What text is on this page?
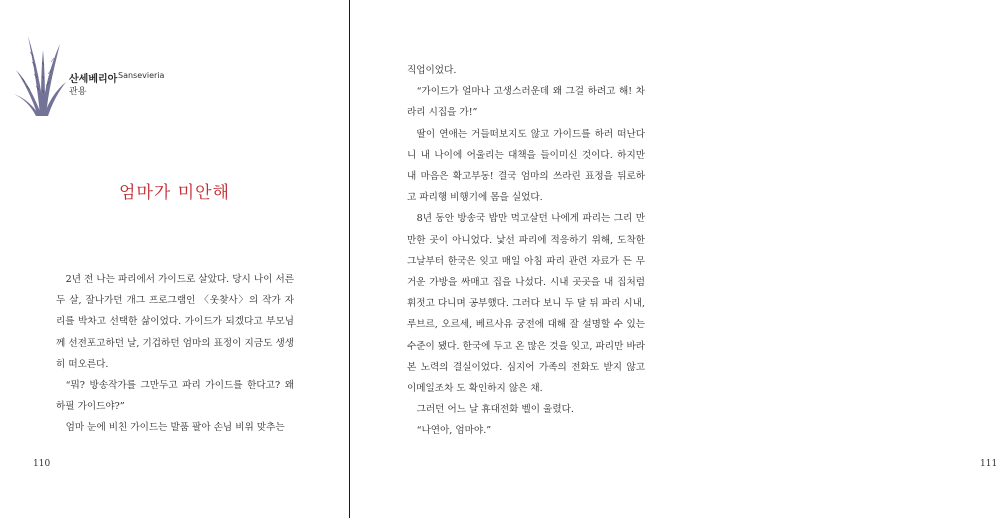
산세베리아 Sansevieria
관용
엄마가 미안해

2년 전 나는 파리에서 가이드로 살았다. 당시 나이 서른 두 살, 잘나가던 개그 프로그램인 〈웃찾사〉의 작가 자리를 박차고 선택한 삶이었다. 가이드가 되겠다고 부모님께 선전포고하던 날, 기겁하던 엄마의 표정이 지금도 생생히 떠오른다.

“뭐? 방송작가를 그만두고 파리 가이드를 한다고? 왜 하필 가이드야?”

엄마 눈에 비친 가이드는 발품 팔아 손님 비위 맞추는

110	111

직업이었다.

“가이드가 얼마나 고생스러운데 왜 그걸 하려고 해! 차라리 시집을 가!”

딸이 연애는 거들떠보지도 않고 가이드를 하러 떠난다니 내 나이에 어울리는 대책을 들이미신 것이다. 하지만 내 마음은 확고부동! 결국 엄마의 쓰라린 표정을 뒤로하고 파리행 비행기에 몸을 실었다.

8년 동안 방송국 밥만 먹고살던 나에게 파리는 그리 만만한 곳이 아니었다. 낯선 파리에 적응하기 위해, 도착한 그날부터 한국은 잊고 매일 아침 파리 관련 자료가 든 무거운 가방을 싸매고 집을 나섰다. 시내 곳곳을 내 집처럼 휘젓고 다니며 공부했다. 그러다 보니 두 달 뒤 파리 시내, 루브르, 오르세, 베르사유 궁전에 대해 잘 설명할 수 있는 수준이 됐다. 한국에 두고 온 많은 것을 잊고, 파리만 바라본 노력의 결실이었다. 심지어 가족의 전화도 받지 않고 이메일조차 도 확인하지 않은 채.

그러던 어느 날 휴대전화 벨이 울렸다.

“나연아, 엄마야.”
